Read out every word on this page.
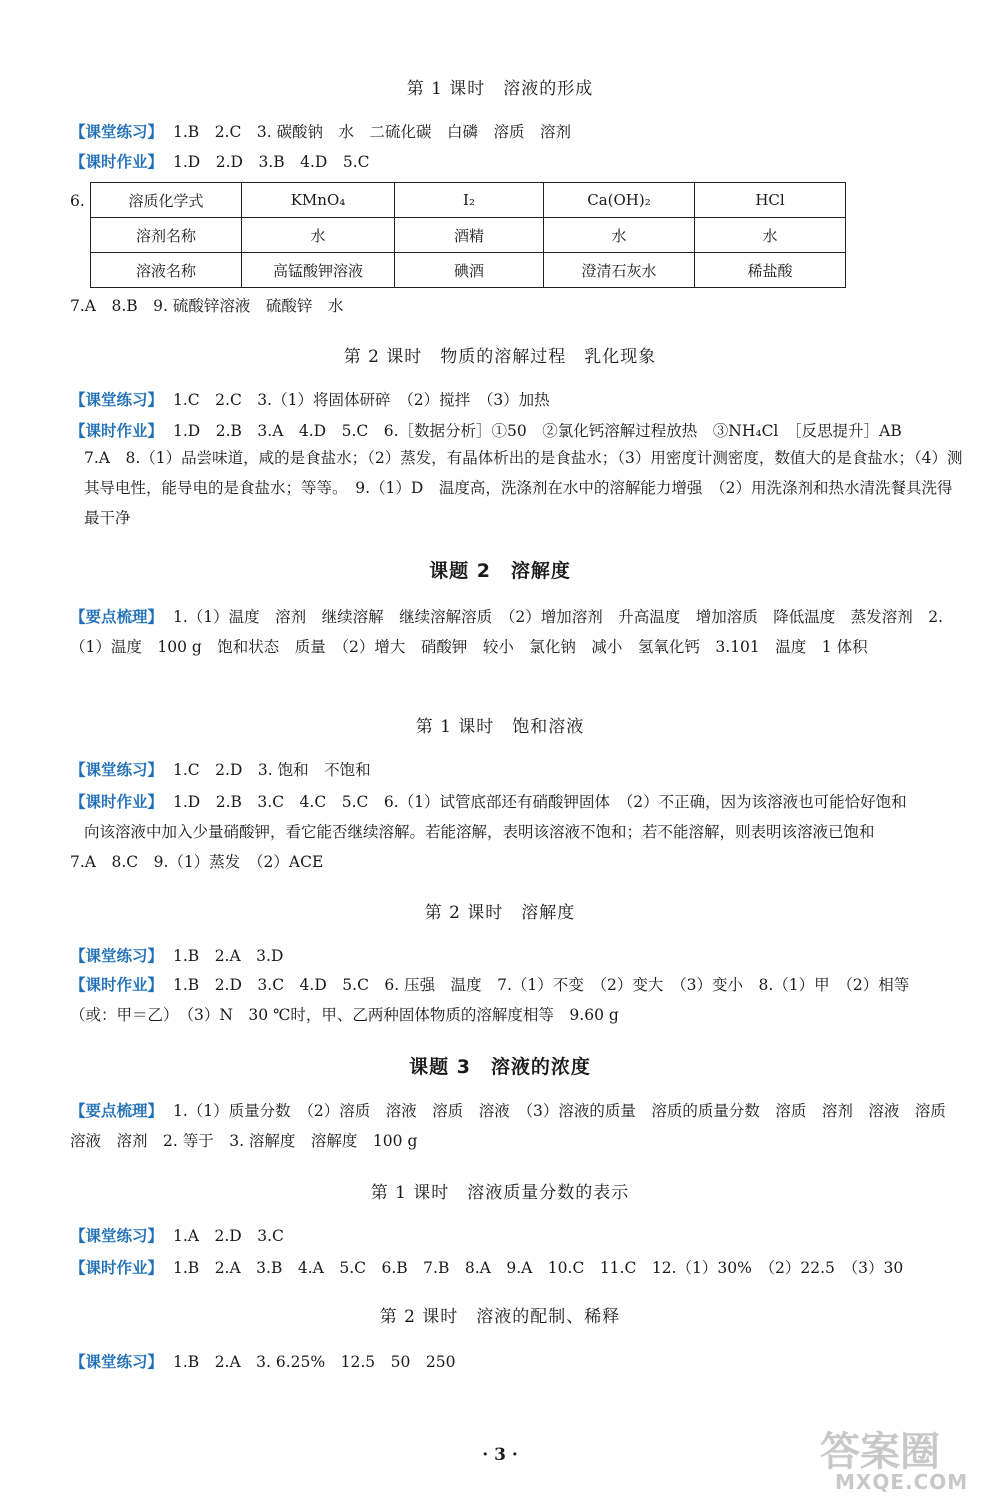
第 1 课时　溶液的形成
【课堂练习】 1.B　2.C　3. 碳酸钠　水　二硫化碳　白磷　溶质　溶剂
【课时作业】 1.D　2.D　3.B　4.D　5.C
6.	溶质化学式	KMnO₄	I₂	Ca(OH)₂	HCl
溶剂名称	水	酒精	水	水
溶液名称	高锰酸钾溶液	碘酒	澄清石灰水	稀盐酸
7.A　8.B　9. 硫酸锌溶液　硫酸锌　水
第 2 课时　物质的溶解过程　乳化现象
【课堂练习】 1.C　2.C　3.（1）将固体研碎　（2）搅拌　（3）加热
【课时作业】 1.D　2.B　3.A　4.D　5.C　6.［数据分析］①50　②氯化钙溶解过程放热　③NH₄Cl　［反思提升］AB
7.A　8.（1）品尝味道，咸的是食盐水；（2）蒸发，有晶体析出的是食盐水；（3）用密度计测密度，数值大的是食盐水；（4）测其导电性，能导电的是食盐水；等等。　9.（1）D　温度高，洗涤剂在水中的溶解能力增强　（2）用洗涤剂和热水清洗餐具洗得最干净
课题 2　溶解度
【要点梳理】 1.（1）温度　溶剂　继续溶解　继续溶解溶质　（2）增加溶剂　升高温度　增加溶质　降低温度　蒸发溶剂　2.（1）温度　100 g　饱和状态　质量　（2）增大　硝酸钾　较小　氯化钠　减小　氢氧化钙　3.101　温度　1 体积
第 1 课时　饱和溶液
【课堂练习】 1.C　2.D　3. 饱和　不饱和
【课时作业】 1.D　2.B　3.C　4.C　5.C　6.（1）试管底部还有硝酸钾固体　（2）不正确，因为该溶液也可能恰好饱和
向该溶液中加入少量硝酸钾，看它能否继续溶解。若能溶解，表明该溶液不饱和；若不能溶解，则表明该溶液已饱和
7.A　8.C　9.（1）蒸发　（2）ACE
第 2 课时　溶解度
【课堂练习】 1.B　2.A　3.D
【课时作业】 1.B　2.D　3.C　4.D　5.C　6. 压强　温度　7.（1）不变　（2）变大　（3）变小　8.（1）甲　（2）相等（或：甲＝乙）　（3）N　30 ℃时，甲、乙两种固体物质的溶解度相等　9.60 g
课题 3　溶液的浓度
【要点梳理】 1.（1）质量分数　（2）溶质　溶液　溶质　溶液　（3）溶液的质量　溶质的质量分数　溶质　溶剂　溶液　溶质　溶液　溶剂　2. 等于　3. 溶解度　溶解度　100 g
第 1 课时　溶液质量分数的表示
【课堂练习】 1.A　2.D　3.C
【课时作业】 1.B　2.A　3.B　4.A　5.C　6.B　7.B　8.A　9.A　10.C　11.C　12.（1）30%　（2）22.5　（3）30
第 2 课时　溶液的配制、稀释
【课堂练习】 1.B　2.A　3. 6.25%　12.5　50　250
· 3 ·	答案圈
MXQE.COM
